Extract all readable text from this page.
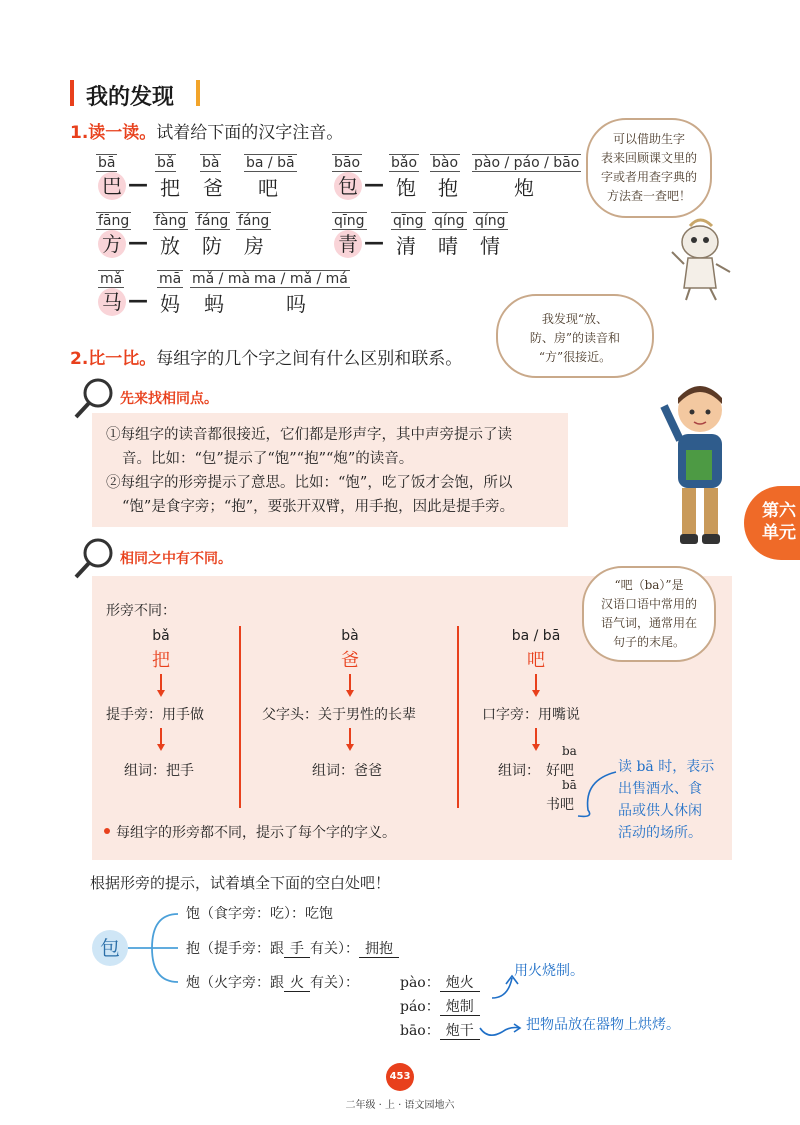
我的发现
1.读一读。试着给下面的汉字注音。
bā
巴 —
bǎ
把
bà
爸
ba / bā
吧
bāo
包 —
bǎo
饱
bào
抱
pào / páo / bāo
炮
fāng
方 —
fàng
放
fáng
防
fáng
房
qīng
青 —
qīng
清
qíng
晴
qíng
情
mǎ
马 —
mā
妈
mǎ / mà
蚂
ma / mǎ / má
吗
可以借助生字
表来回顾课文里的
字或者用查字典的
方法查一查吧！
2.比一比。每组字的几个字之间有什么区别和联系。
我发现“放、
防、房”的读音和
“方”很接近。
第六
单元
先来找相同点。
①每组字的读音都很接近，它们都是形声字，其中声旁提示了读
音。比如：“包”提示了“饱”“抱”“炮”的读音。
②每组字的形旁提示了意思。比如：“饱”，吃了饭才会饱，所以
“饱”是食字旁；“抱”，要张开双臂，用手抱，因此是提手旁。
相同之中有不同。
形旁不同：
bǎ
把
提手旁：用手做
组词：把手
bà
爸
父字头：关于男性的长辈
组词：爸爸
ba / bā
吧
口字旁：用嘴说
组词：
ba
好吧
bā
书吧
每组字的形旁都不同，提示了每个字的字义。
“吧（ba）”是
汉语口语中常用的
语气词，通常用在
句子的末尾。
读 bā 时，表示
出售酒水、食
品或供人休闲
活动的场所。
根据形旁的提示，试着填全下面的空白处吧！
包
饱（食字旁：吃）：吃饱
抱（提手旁：跟 手 有关）： 拥抱
炮（火字旁：跟 火 有关）：	pào： 炮火
páo： 炮制
bāo： 炮干
用火烧制。
把物品放在器物上烘烤。
453
二年级 · 上 · 语文园地六
